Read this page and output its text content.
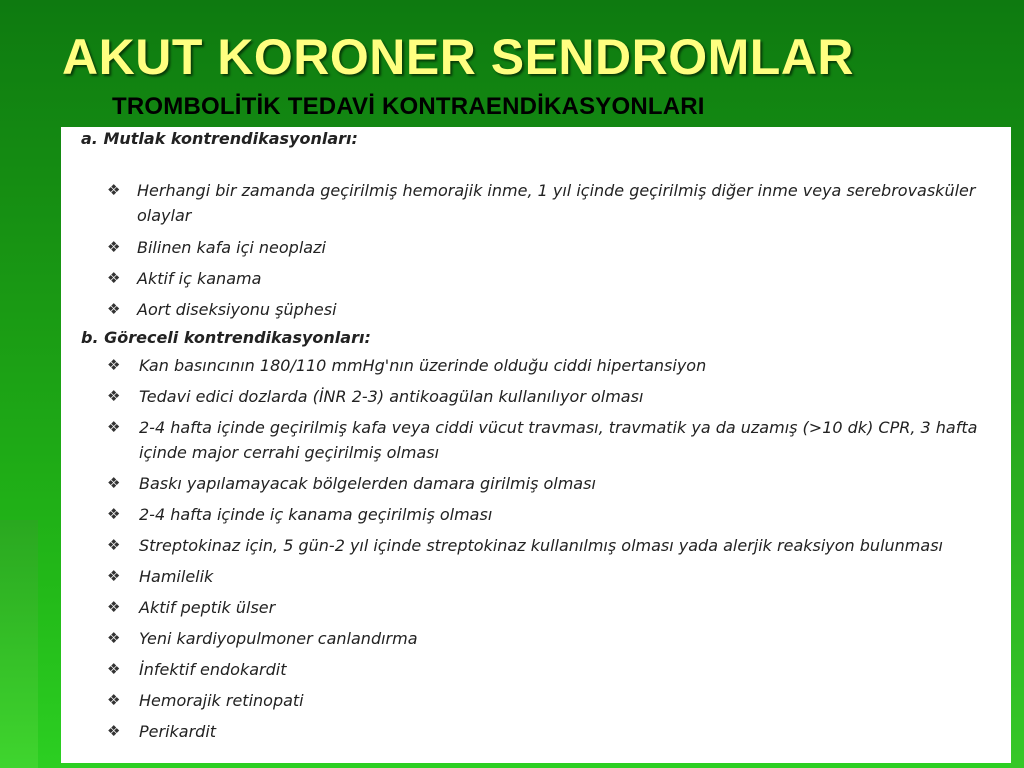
AKUT KORONER SENDROMLAR
TROMBOLİTİK TEDAVİ KONTRAENDİKASYONLARI

a. Mutlak kontrendikasyonları:

❖ Herhangi bir zamanda geçirilmiş hemorajik inme, 1 yıl içinde geçirilmiş diğer inme veya serebrovasküler olaylar
❖ Bilinen kafa içi neoplazi
❖ Aktif iç kanama
❖ Aort diseksiyonu şüphesi

b. Göreceli kontrendikasyonları:

❖ Kan basıncının 180/110 mmHg'nın üzerinde olduğu ciddi hipertansiyon
❖ Tedavi edici dozlarda (İNR 2-3) antikoagülan kullanılıyor olması
❖ 2-4 hafta içinde geçirilmiş kafa veya ciddi vücut travması, travmatik ya da uzamış (>10 dk) CPR, 3 hafta içinde major cerrahi geçirilmiş olması
❖ Baskı yapılamayacak bölgelerden damara girilmiş olması
❖ 2-4 hafta içinde iç kanama geçirilmiş olması
❖ Streptokinaz için, 5 gün-2 yıl içinde streptokinaz kullanılmış olması yada alerjik reaksiyon bulunması
❖ Hamilelik
❖ Aktif peptik ülser
❖ Yeni kardiyopulmoner canlandırma
❖ İnfektif endokardit
❖ Hemorajik retinopati
❖ Perikardit
